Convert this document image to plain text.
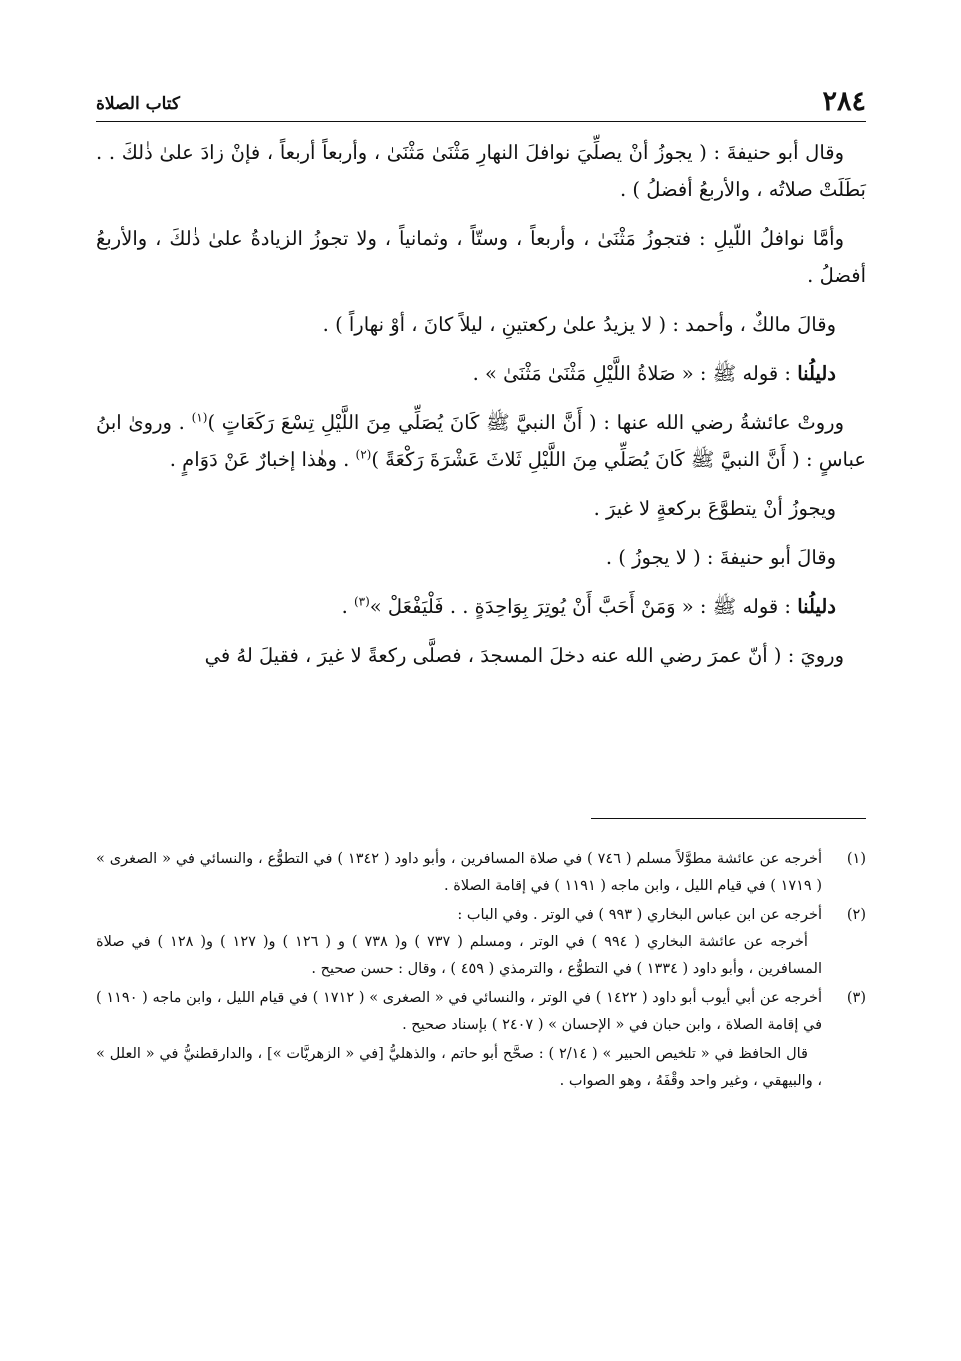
٢٨٤
كتاب الصلاة

وقال أبو حنيفةَ : ( يجوزُ أنْ يصلِّيَ نوافلَ النهارِ مَثْنَىٰ مَثْنَىٰ ، وأربعاً أربعاً ، فإنْ زادَ علىٰ ذٰلكَ . . بَطَلَتْ صلاتُه ، والأربعُ أفضلُ ) .

وأمَّا نوافلُ اللّيلِ : فتجوزُ مَثْنَىٰ ، وأربعاً ، وستّاً ، وثمانياً ، ولا تجوزُ الزيادةُ علىٰ ذٰلكَ ، والأربعُ أفضلُ .

وقالَ مالكٌ ، وأحمد : ( لا يزيدُ علىٰ ركعتينِ ، ليلاً كانَ ، أوْ نهاراً ) .

دليلُنا : قوله ﷺ : « صَلاةُ اللَّيْلِ مَثْنَىٰ مَثْنَىٰ » .

وروتْ عائشةُ رضي الله عنها : ( أَنَّ النبيَّ ﷺ كَانَ يُصَلِّي مِنَ اللَّيْلِ تِسْعَ رَكَعَاتٍ )$^{(١)}$ . وروىٰ ابنُ عباسٍ : ( أَنَّ النبيَّ ﷺ كَانَ يُصَلِّي مِنَ اللَّيْلِ ثَلاثَ عَشْرَةَ رَكْعَةً )$^{(٢)}$ . وهٰذا إخبارٌ عَنْ دَوَامٍ .

ويجوزُ أنْ يتطوَّعَ بركعةٍ لا غيرَ .

وقالَ أبو حنيفةَ : ( لا يجوزُ ) .

دليلُنا : قوله ﷺ : « وَمَنْ أَحَبَّ أَنْ يُوتِرَ بِوَاحِدَةٍ . . فَلْيَفْعَلْ »$^{(٣)}$ .

ورويَ : ( أنّ عمرَ رضي الله عنه دخلَ المسجدَ ، فصلَّى ركعةً لا غيرَ ، فقيلَ لهُ في

(١)

أخرجه عن عائشة مطوَّلاً مسلم ( ٧٤٦ ) في صلاة المسافرين ، وأبو داود ( ١٣٤٢ ) في التطوُّع ، والنسائي في « الصغرى » ( ١٧١٩ ) في قيام الليل ، وابن ماجه ( ١١٩١ ) في إقامة الصلاة .

(٢)

أخرجه عن ابن عباس البخاري ( ٩٩٣ ) في الوتر . وفي الباب :

أخرجه عن عائشة البخاري ( ٩٩٤ ) في الوتر ، ومسلم ( ٧٣٧ ) و( ٧٣٨ ) و ( ١٢٦ ) و( ١٢٧ ) و( ١٢٨ ) في صلاة المسافرين ، وأبو داود ( ١٣٣٤ ) في التطوُّع ، والترمذي ( ٤٥٩ ) ، وقال : حسن صحيح .

(٣)

أخرجه عن أبي أيوب أبو داود ( ١٤٢٢ ) في الوتر ، والنسائي في « الصغرى » ( ١٧١٢ ) في قيام الليل ، وابن ماجه ( ١١٩٠ ) في إقامة الصلاة ، وابن حبان في « الإحسان » ( ٢٤٠٧ ) بإسناد صحيح .

قال الحافظ في « تلخيص الحبير » ( ٢/١٤ ) : صحَّح أبو حاتم ، والذهليُّ [في « الزهريَّات »] ، والدارقطنيُّ في « العلل » ، والبيهقي ، وغير واحد وقْفَهُ ، وهو الصواب .
